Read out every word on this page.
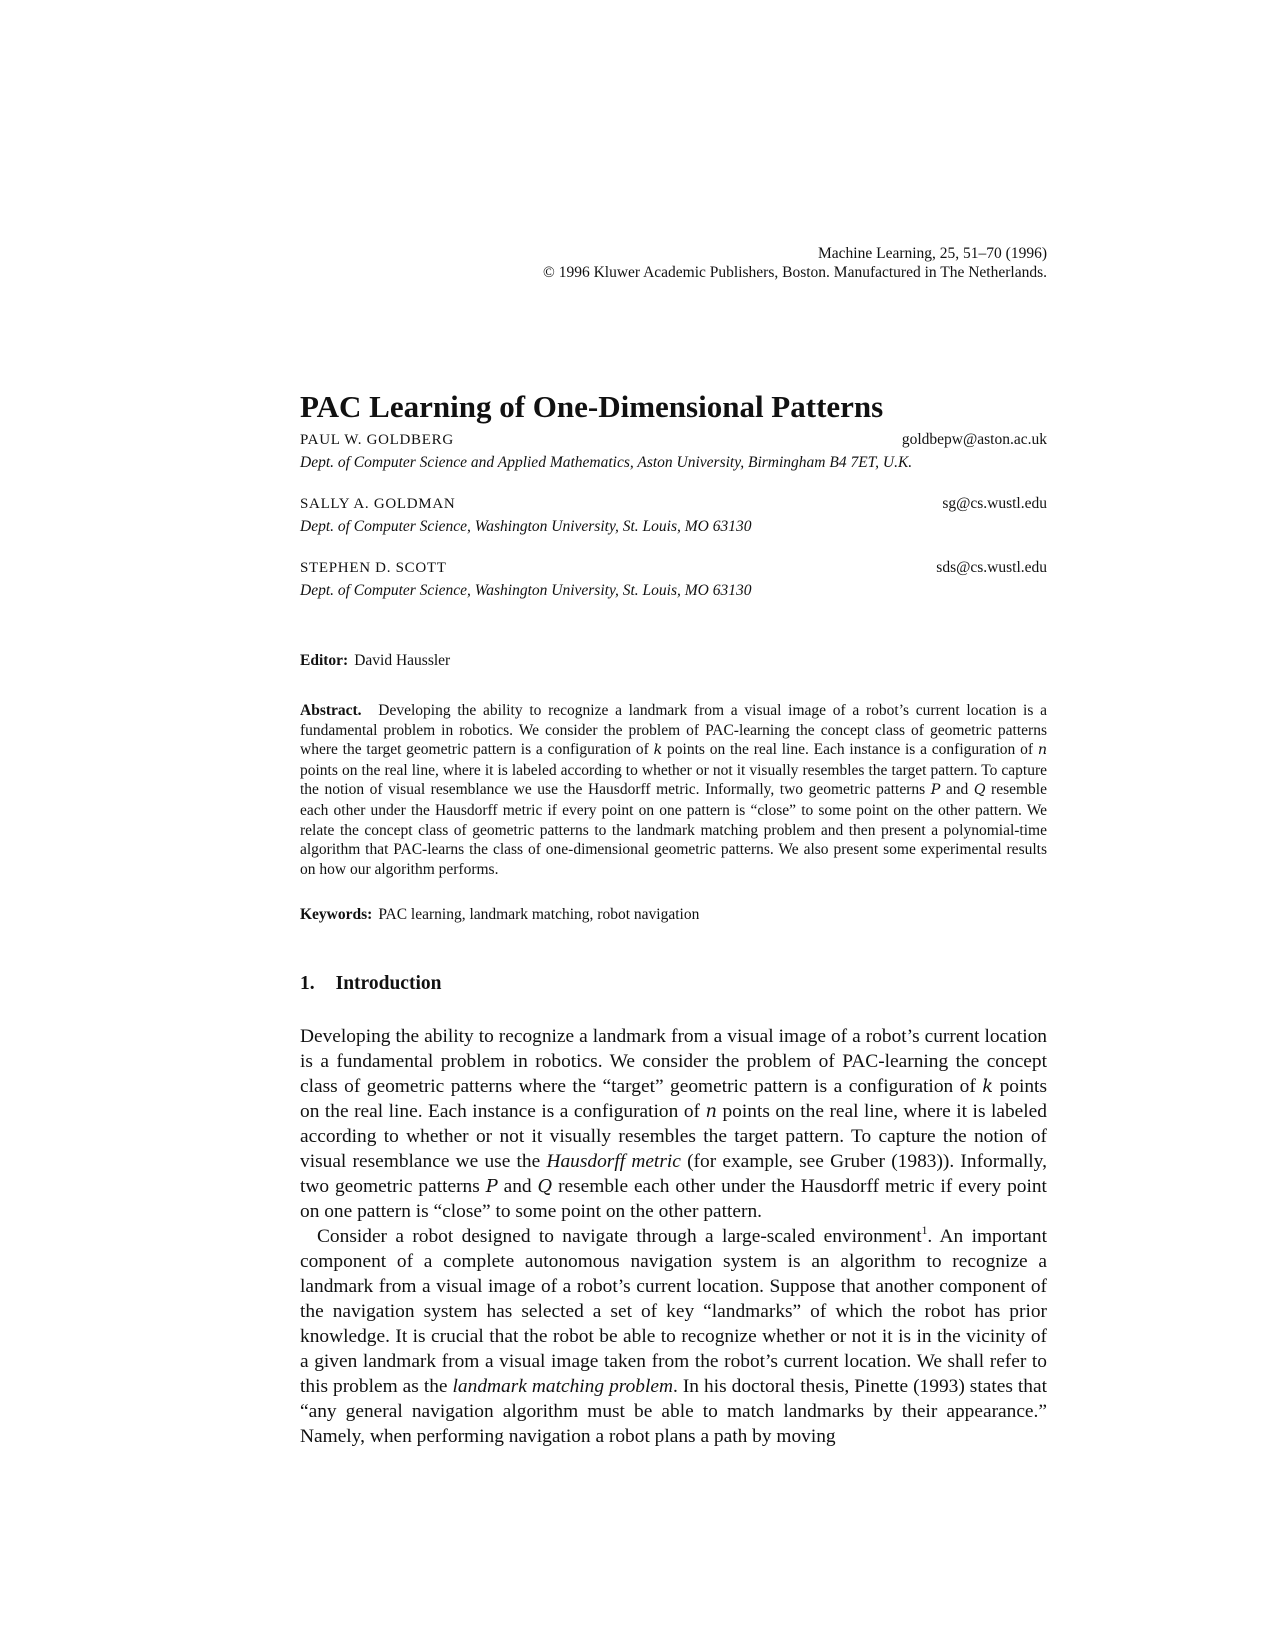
Machine Learning, 25, 51–70 (1996)
© 1996 Kluwer Academic Publishers, Boston. Manufactured in The Netherlands.
PAC Learning of One-Dimensional Patterns
PAUL W. GOLDBERG	goldbepw@aston.ac.uk
Dept. of Computer Science and Applied Mathematics, Aston University, Birmingham B4 7ET, U.K.
SALLY A. GOLDMAN	sg@cs.wustl.edu
Dept. of Computer Science, Washington University, St. Louis, MO 63130
STEPHEN D. SCOTT	sds@cs.wustl.edu
Dept. of Computer Science, Washington University, St. Louis, MO 63130
Editor: David Haussler
Abstract. Developing the ability to recognize a landmark from a visual image of a robot’s current location is a fundamental problem in robotics. We consider the problem of PAC-learning the concept class of geometric patterns where the target geometric pattern is a configuration of k points on the real line. Each instance is a configuration of n points on the real line, where it is labeled according to whether or not it visually resembles the target pattern. To capture the notion of visual resemblance we use the Hausdorff metric. Informally, two geometric patterns P and Q resemble each other under the Hausdorff metric if every point on one pattern is “close” to some point on the other pattern. We relate the concept class of geometric patterns to the landmark matching problem and then present a polynomial-time algorithm that PAC-learns the class of one-dimensional geometric patterns. We also present some experimental results on how our algorithm performs.
Keywords: PAC learning, landmark matching, robot navigation
1. Introduction

Developing the ability to recognize a landmark from a visual image of a robot’s current location is a fundamental problem in robotics. We consider the problem of PAC-learning the concept class of geometric patterns where the “target” geometric pattern is a configuration of k points on the real line. Each instance is a configuration of n points on the real line, where it is labeled according to whether or not it visually resembles the target pattern. To capture the notion of visual resemblance we use the Hausdorff metric (for example, see Gruber (1983)). Informally, two geometric patterns P and Q resemble each other under the Hausdorff metric if every point on one pattern is “close” to some point on the other pattern.

Consider a robot designed to navigate through a large-scaled environment$^1$. An important component of a complete autonomous navigation system is an algorithm to recognize a landmark from a visual image of a robot’s current location. Suppose that another component of the navigation system has selected a set of key “landmarks” of which the robot has prior knowledge. It is crucial that the robot be able to recognize whether or not it is in the vicinity of a given landmark from a visual image taken from the robot’s current location. We shall refer to this problem as the landmark matching problem. In his doctoral thesis, Pinette (1993) states that “any general navigation algorithm must be able to match landmarks by their appearance.” Namely, when performing navigation a robot plans a path by moving
